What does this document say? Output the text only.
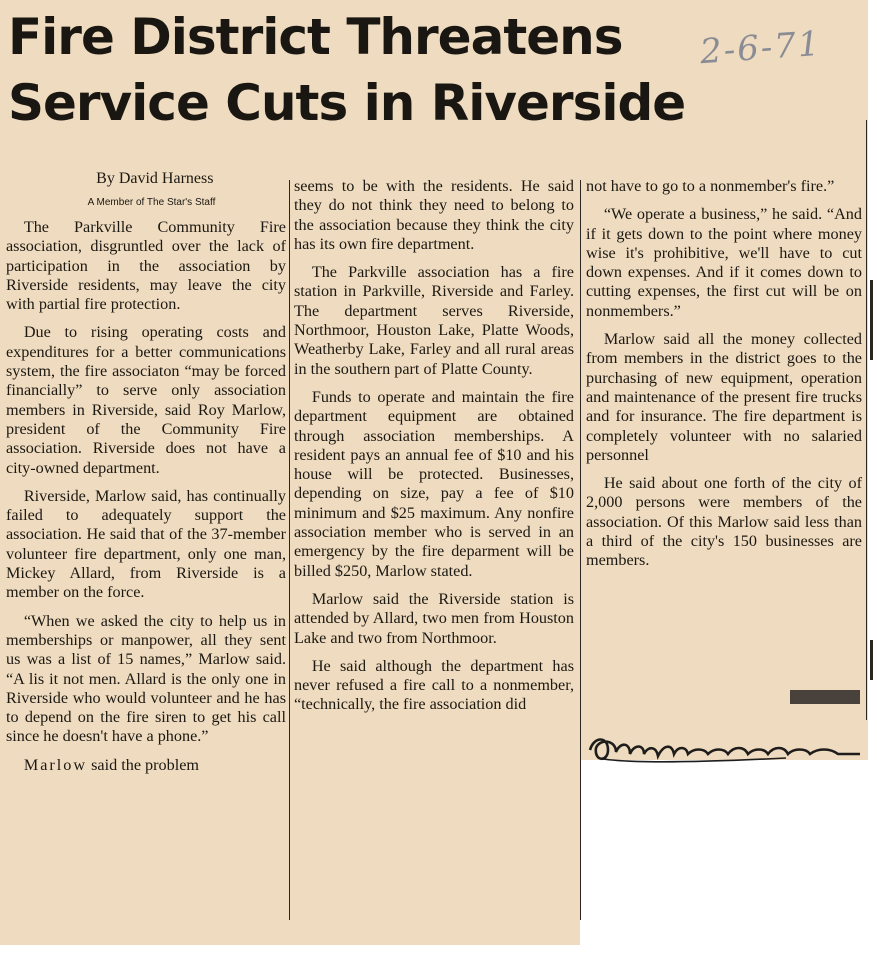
Fire District Threatens
Service Cuts in Riverside
2-6-71

By David Harness

A Member of The Star's Staff

The Parkville Community Fire association, disgruntled over the lack of participation in the association by Riverside residents, may leave the city with partial fire protection.

Due to rising operating costs and expenditures for a better communications system, the fire associaton “may be forced financially” to serve only association members in Riverside, said Roy Marlow, president of the Community Fire association. Riverside does not have a city-owned department.

Riverside, Marlow said, has continually failed to adequately support the association. He said that of the 37-member volunteer fire department, only one man, Mickey Allard, from Riverside is a member on the force.

“When we asked the city to help us in memberships or manpower, all they sent us was a list of 15 names,” Marlow said. “A lis it not men. Allard is the only one in Riverside who would volunteer and he has to depend on the fire siren to get his call since he doesn't have a phone.”

Marlow said the problem

seems to be with the residents. He said they do not think they need to belong to the association because they think the city has its own fire department.

The Parkville association has a fire station in Parkville, Riverside and Farley. The department serves Riverside, Northmoor, Houston Lake, Platte Woods, Weatherby Lake, Farley and all rural areas in the southern part of Platte County.

Funds to operate and maintain the fire department equipment are obtained through association memberships. A resident pays an annual fee of $10 and his house will be protected. Businesses, depending on size, pay a fee of $10 minimum and $25 maximum. Any nonfire association member who is served in an emergency by the fire deparment will be billed $250, Marlow stated.

Marlow said the Riverside station is attended by Allard, two men from Houston Lake and two from Northmoor.

He said although the department has never refused a fire call to a nonmember, “technically, the fire association did

not have to go to a nonmember's fire.”

“We operate a business,” he said. “And if it gets down to the point where money wise it's prohibitive, we'll have to cut down expenses. And if it comes down to cutting expenses, the first cut will be on nonmembers.”

Marlow said all the money collected from members in the district goes to the purchasing of new equipment, operation and maintenance of the present fire trucks and for insurance. The fire department is completely volunteer with no salaried personnel

He said about one forth of the city of 2,000 persons were members of the association. Of this Marlow said less than a third of the city's 150 businesses are members.
